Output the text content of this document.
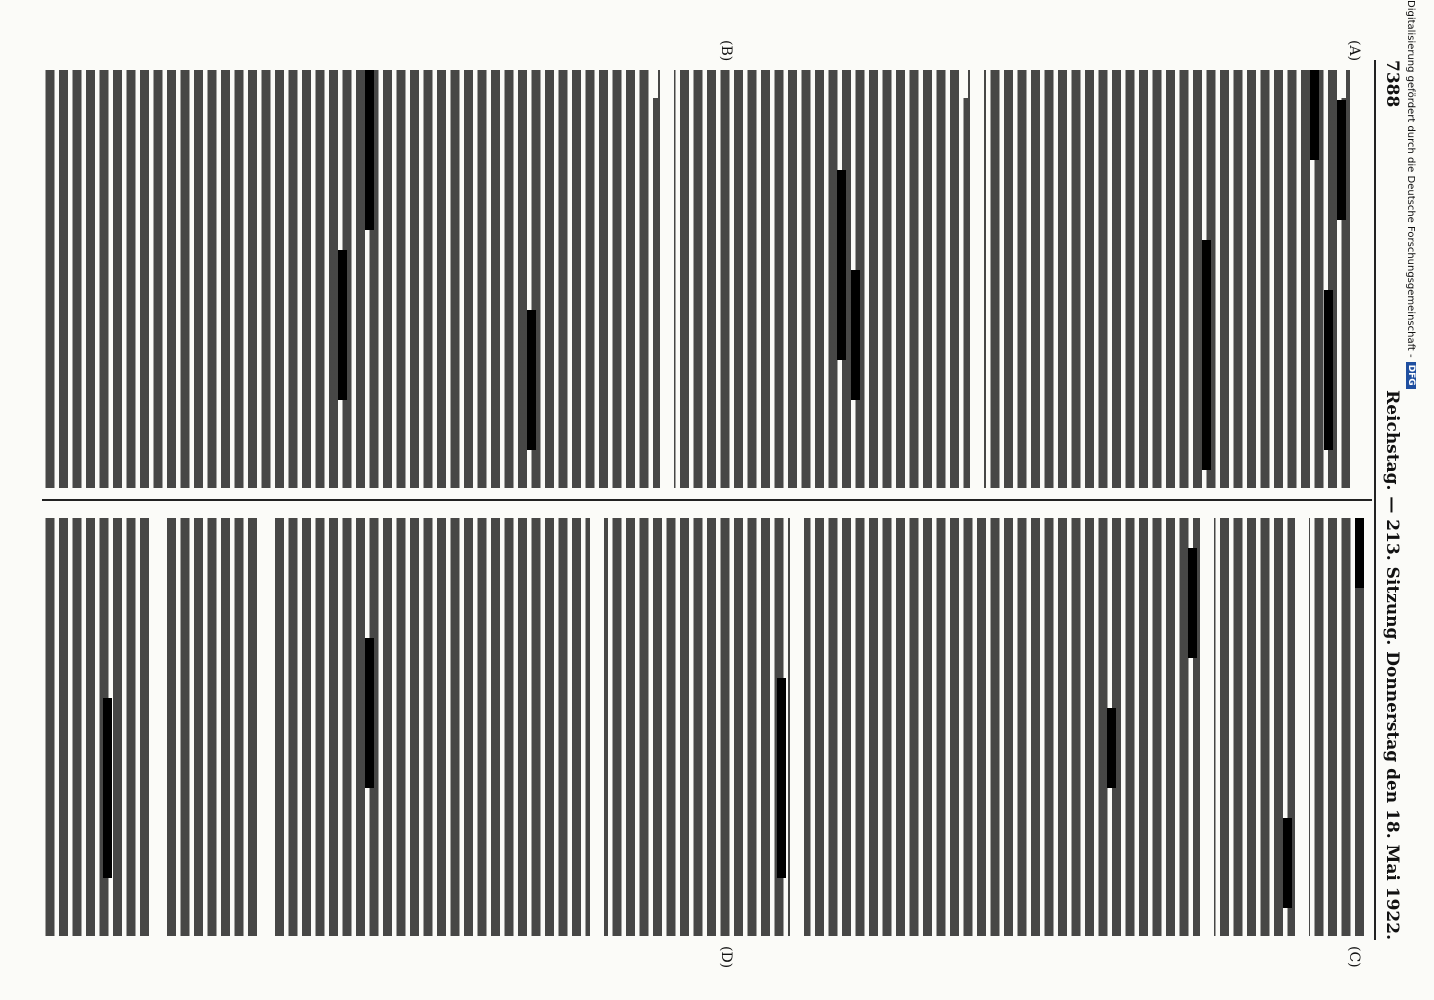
7388
Reichstag. — 213. Sitzung. Donnerstag den 18. Mai 1922.
(A)
(B)
(C)
(D)
Digitalisierung gefördert durch die Deutsche Forschungsgemeinschaft -
DFG
